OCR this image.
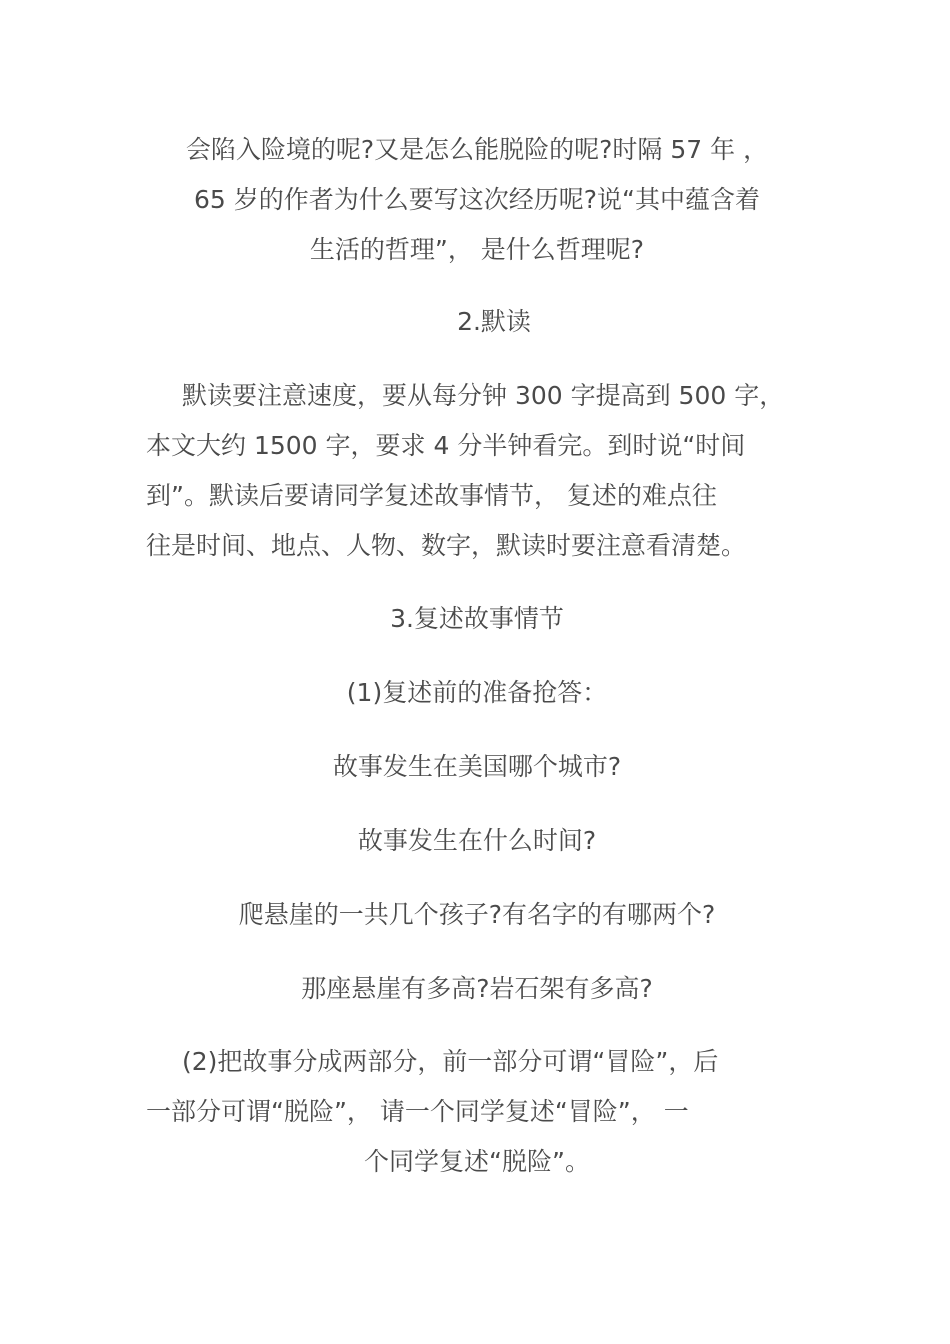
会陷入险境的呢?又是怎么能脱险的呢?时隔 57 年 ，
65 岁的作者为什么要写这次经历呢?说“其中蕴含着
生活的哲理”， 是什么哲理呢?
2.默读
默读要注意速度，要从每分钟 300 字提高到 500 字，
本文大约 1500 字，要求 4 分半钟看完。到时说“时间
到”。默读后要请同学复述故事情节， 复述的难点往
往是时间、地点、人物、数字，默读时要注意看清楚。
3.复述故事情节
(1)复述前的准备抢答：
故事发生在美国哪个城市?
故事发生在什么时间?
爬悬崖的一共几个孩子?有名字的有哪两个?
那座悬崖有多高?岩石架有多高?
(2)把故事分成两部分，前一部分可谓“冒险”，后
一部分可谓“脱险”， 请一个同学复述“冒险”， 一
个同学复述“脱险”。
